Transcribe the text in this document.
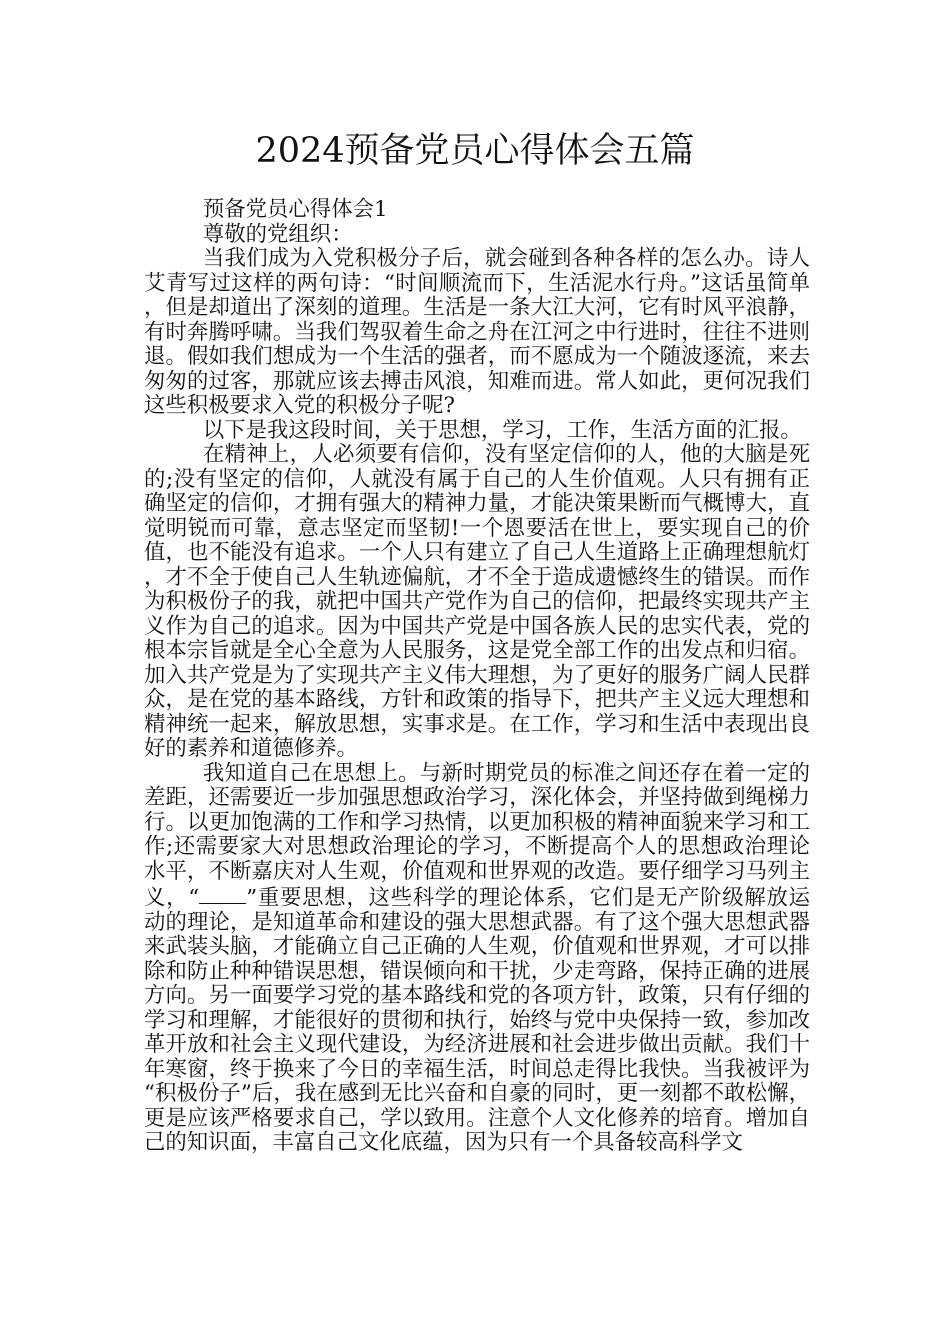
2024预备党员心得体会五篇

预备党员心得体会1

尊敬的党组织：

当我们成为入党积极分子后，就会碰到各种各样的怎么办。诗人艾青写过这样的两句诗：“时间顺流而下，生活泥水行舟。”这话虽简单，但是却道出了深刻的道理。生活是一条大江大河，它有时风平浪静，有时奔腾呼啸。当我们驾驭着生命之舟在江河之中行进时，往往不进则退。假如我们想成为一个生活的强者，而不愿成为一个随波逐流，来去匆匆的过客，那就应该去搏击风浪，知难而进。常人如此，更何况我们这些积极要求入党的积极分子呢?

以下是我这段时间，关于思想，学习，工作，生活方面的汇报。

在精神上，人必须要有信仰，没有坚定信仰的人，他的大脑是死的;没有坚定的信仰，人就没有属于自己的人生价值观。人只有拥有正确坚定的信仰，才拥有强大的精神力量，才能决策果断而气概博大，直觉明锐而可靠，意志坚定而坚韧!一个恩要活在世上，要实现自己的价值，也不能没有追求。一个人只有建立了自己人生道路上正确理想航灯，才不全于使自己人生轨迹偏航，才不全于造成遗憾终生的错误。而作为积极份子的我，就把中国共产党作为自己的信仰，把最终实现共产主义作为自己的追求。因为中国共产党是中国各族人民的忠实代表，党的根本宗旨就是全心全意为人民服务，这是党全部工作的出发点和归宿。加入共产党是为了实现共产主义伟大理想，为了更好的服务广阔人民群众，是在党的基本路线，方针和政策的指导下，把共产主义远大理想和精神统一起来，解放思想，实事求是。在工作，学习和生活中表现出良好的素养和道德修养。

我知道自己在思想上。与新时期党员的标准之间还存在着一定的差距，还需要近一步加强思想政治学习，深化体会，并坚持做到绳梯力行。以更加饱满的工作和学习热情，以更加积极的精神面貌来学习和工作;还需要家大对思想政治理论的学习，不断提高个人的思想政治理论水平，不断嘉庆对人生观，价值观和世界观的改造。要仔细学习马列主义，“ ”重要思想，这些科学的理论体系，它们是无产阶级解放运动的理论，是知道革命和建设的强大思想武器。有了这个强大思想武器来武装头脑，才能确立自己正确的人生观，价值观和世界观，才可以排除和防止种种错误思想，错误倾向和干扰，少走弯路，保持正确的进展方向。另一面要学习党的基本路线和党的各项方针，政策，只有仔细的学习和理解，才能很好的贯彻和执行，始终与党中央保持一致，参加改革开放和社会主义现代建设，为经济进展和社会进步做出贡献。我们十年寒窗，终于换来了今日的幸福生活，时间总走得比我快。当我被评为“积极份子”后，我在感到无比兴奋和自豪的同时，更一刻都不敢松懈，更是应该严格要求自己，学以致用。注意个人文化修养的培育。增加自己的知识面，丰富自己文化底蕴，因为只有一个具备较高科学文
